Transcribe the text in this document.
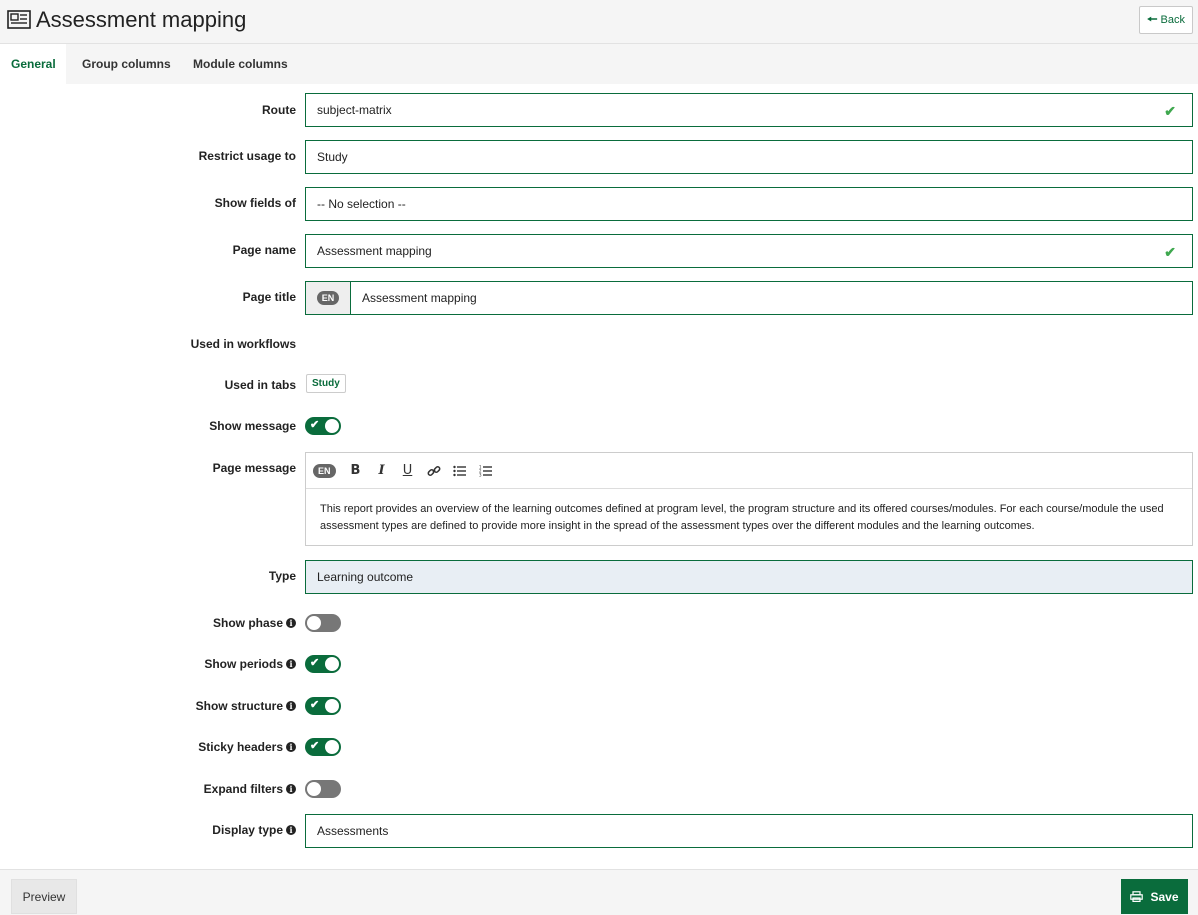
Assessment mapping	🠔 Back
General	Group columns Module columns
Route subject-matrix	✔
Restrict usage to Study
Show fields of -- No selection --
Page name Assessment mapping	✔
Page title	EN	Assessment mapping
Used in workflows
Used in tabs	Study
Show message ✔
Page message	EN	B	I	U	1
2
3
This report provides an overview of the learning outcomes defined at program level, the program structure and its offered courses/modules. For each course/module the used assessment types are defined to provide more insight in the spread of the assessment types over the different modules and the learning outcomes.
Type Learning outcome
Show phase i
Show periods i	✔
Show structure i	✔
Sticky headers i	✔
Expand filters i
Display type i Assessments
Preview	Save
